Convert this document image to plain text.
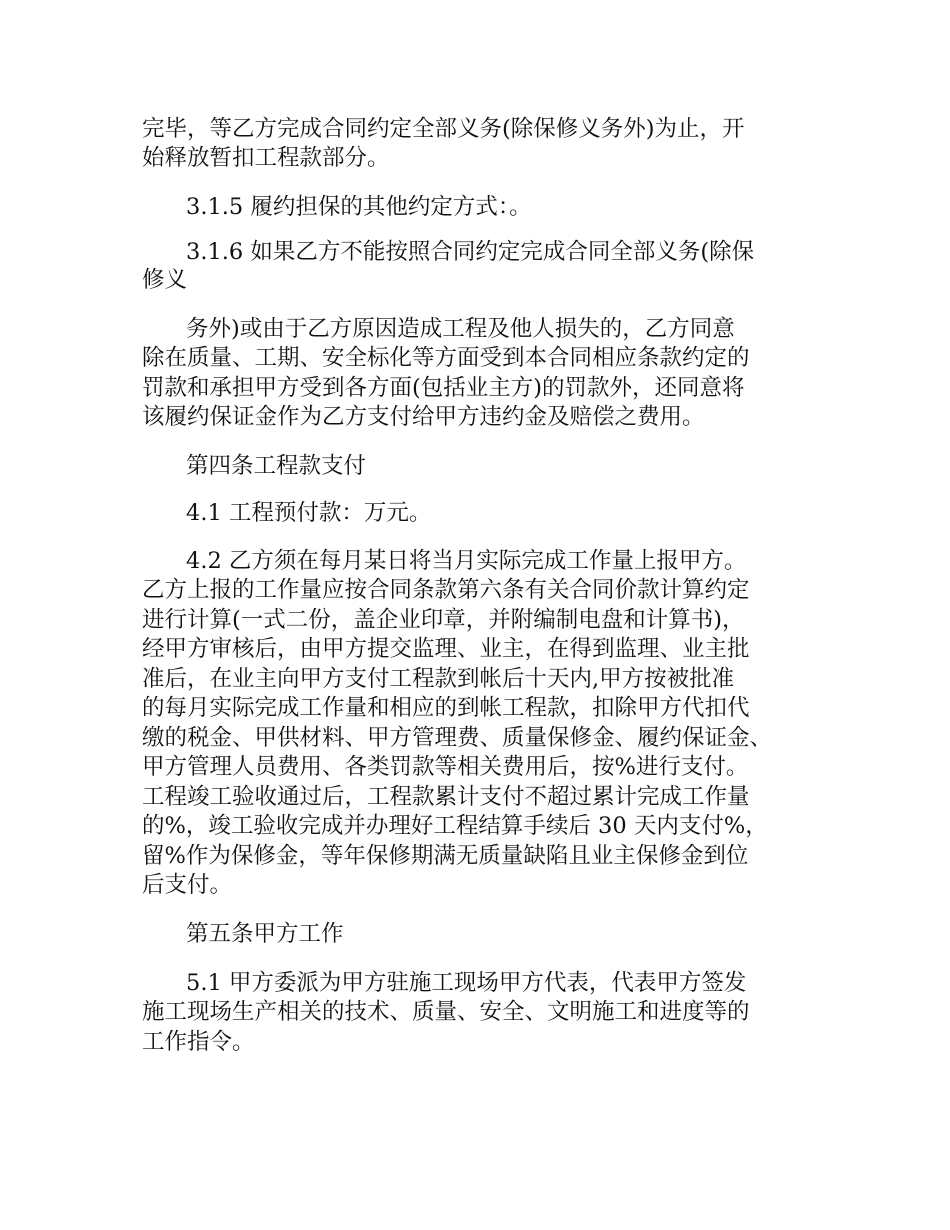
完毕，等乙方完成合同约定全部义务(除保修义务外)为止，开
始释放暂扣工程款部分。
3.1.5 履约担保的其他约定方式：。
3.1.6 如果乙方不能按照合同约定完成合同全部义务(除保
修义
务外)或由于乙方原因造成工程及他人损失的，乙方同意
除在质量、工期、安全标化等方面受到本合同相应条款约定的
罚款和承担甲方受到各方面(包括业主方)的罚款外，还同意将
该履约保证金作为乙方支付给甲方违约金及赔偿之费用。
第四条工程款支付
4.1 工程预付款：万元。
4.2 乙方须在每月某日将当月实际完成工作量上报甲方。
乙方上报的工作量应按合同条款第六条有关合同价款计算约定
进行计算(一式二份，盖企业印章，并附编制电盘和计算书)，
经甲方审核后，由甲方提交监理、业主，在得到监理、业主批
准后，在业主向甲方支付工程款到帐后十天内,甲方按被批准
的每月实际完成工作量和相应的到帐工程款，扣除甲方代扣代
缴的税金、甲供材料、甲方管理费、质量保修金、履约保证金、
甲方管理人员费用、各类罚款等相关费用后，按%进行支付。
工程竣工验收通过后，工程款累计支付不超过累计完成工作量
的%，竣工验收完成并办理好工程结算手续后 30 天内支付%，
留%作为保修金，等年保修期满无质量缺陷且业主保修金到位
后支付。
第五条甲方工作
5.1 甲方委派为甲方驻施工现场甲方代表，代表甲方签发
施工现场生产相关的技术、质量、安全、文明施工和进度等的
工作指令。
